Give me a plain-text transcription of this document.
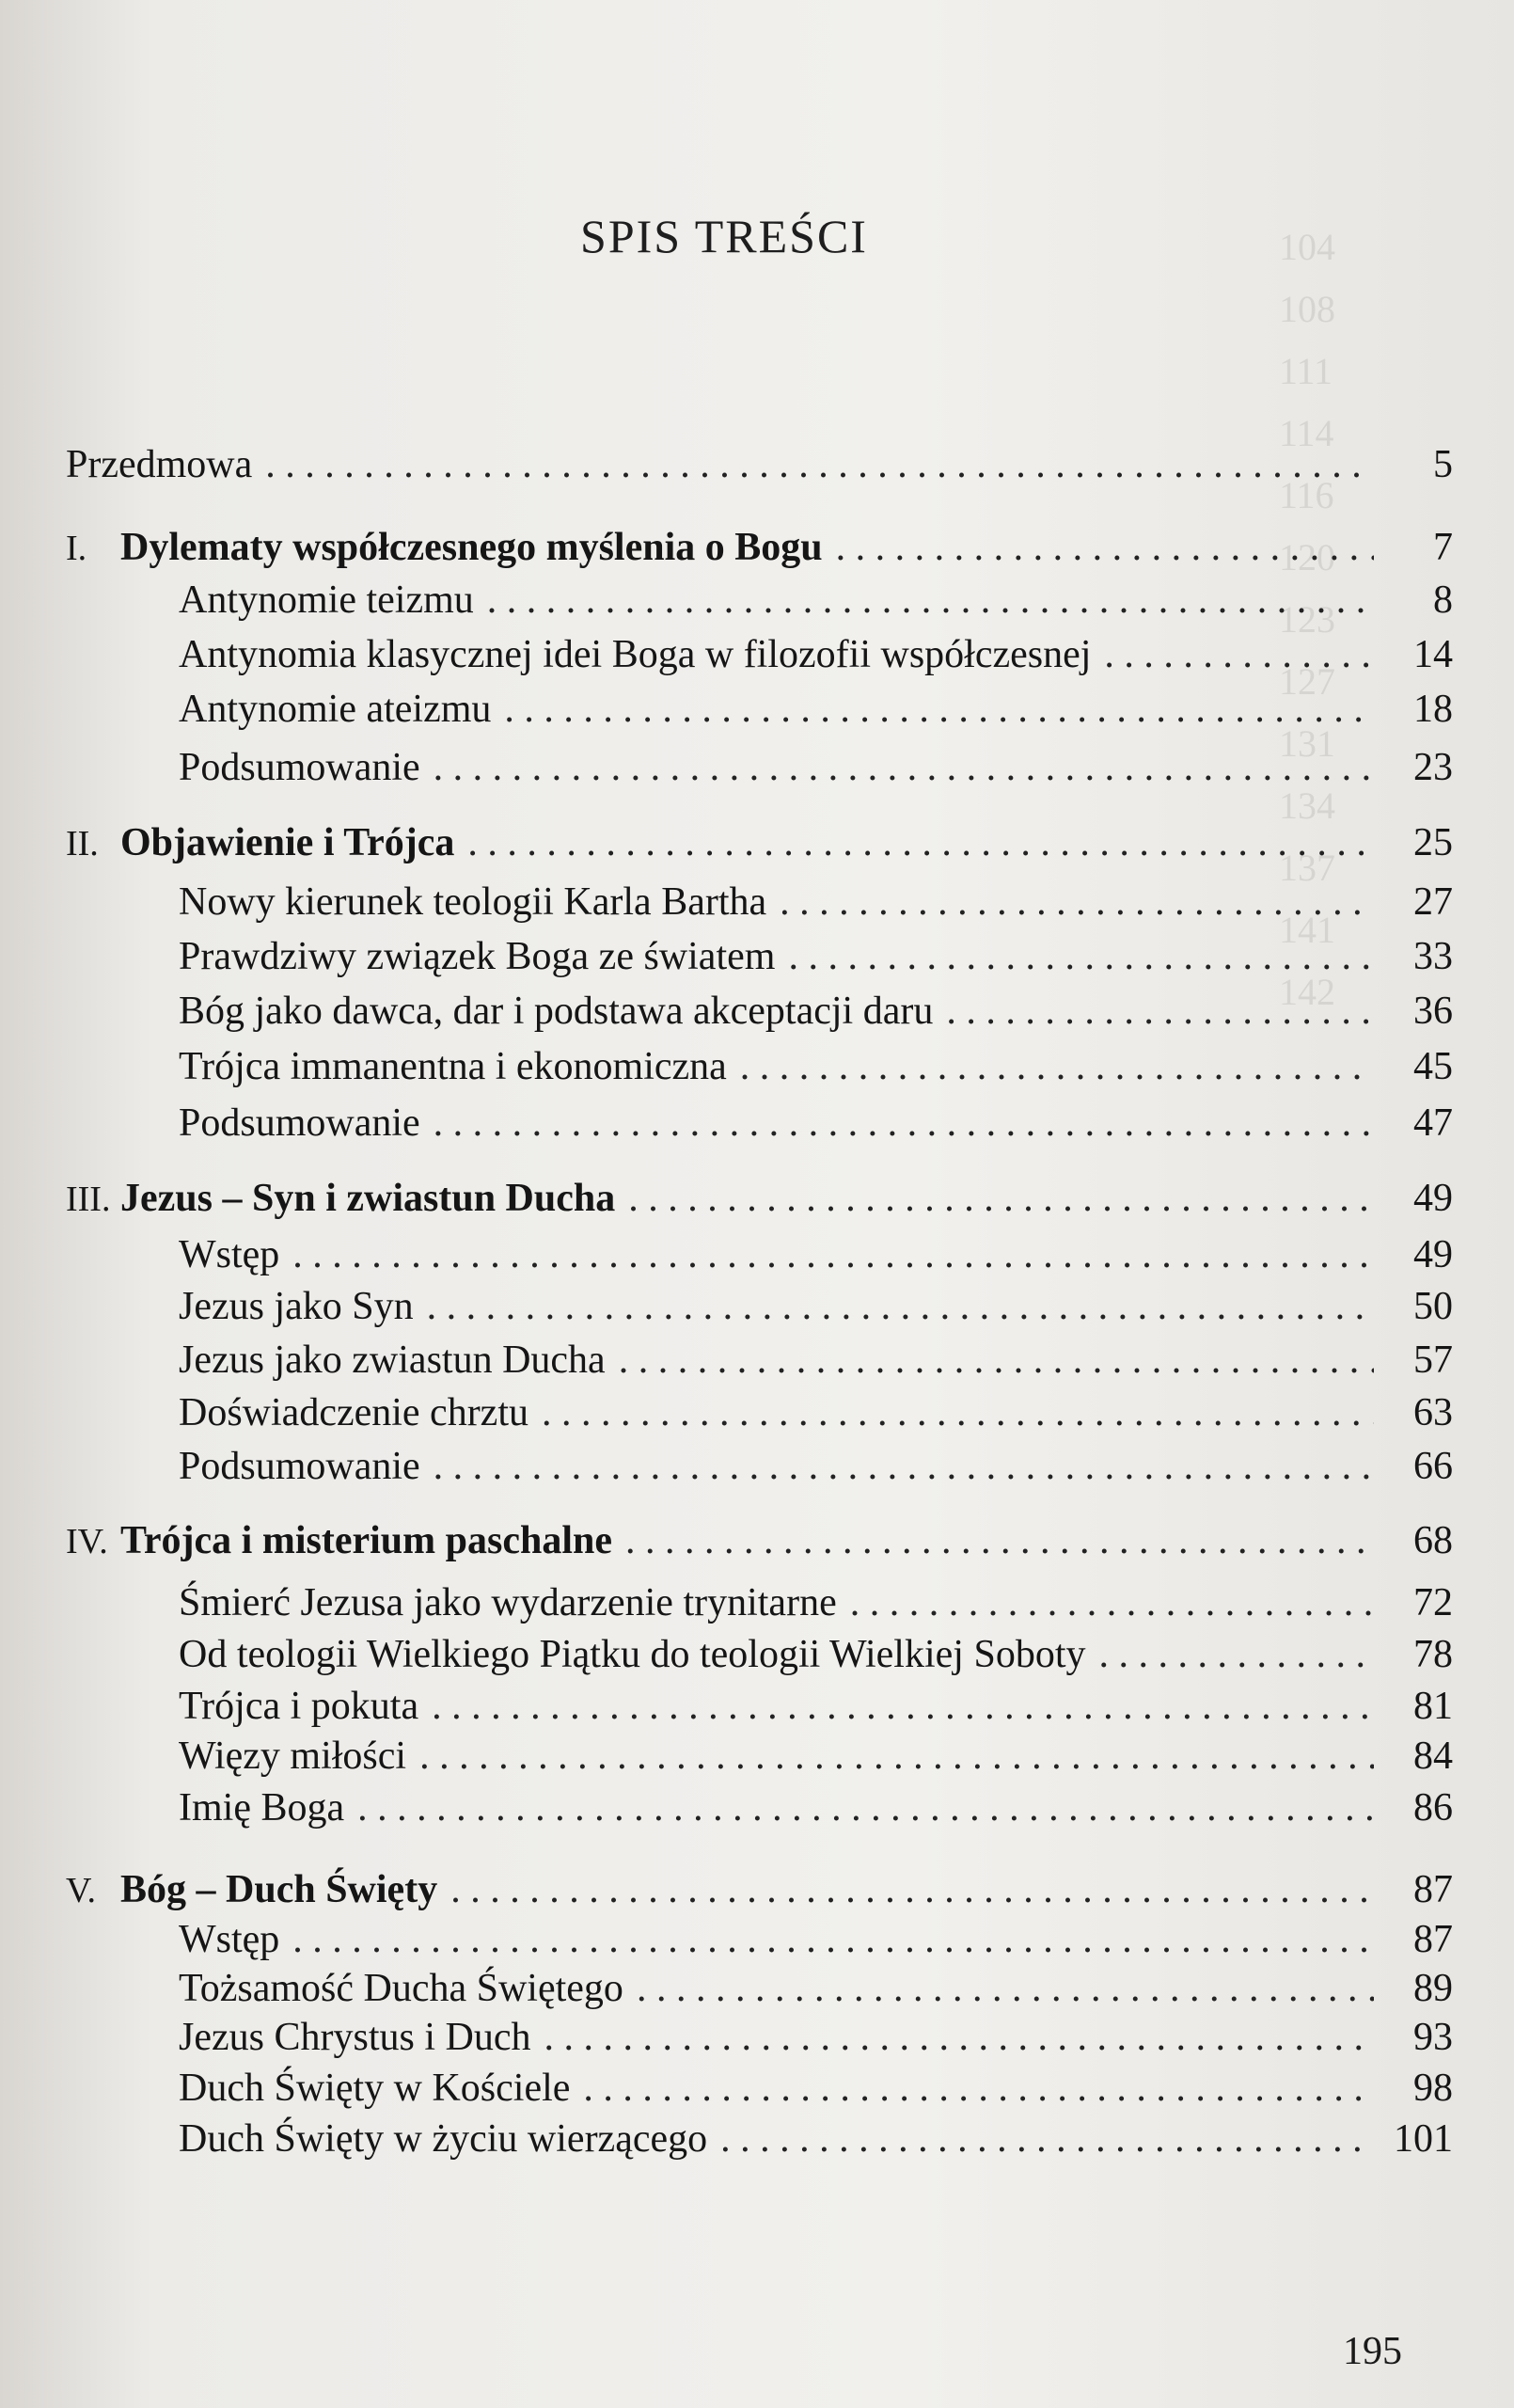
104
108
111
114
116
120
123
127
131
134
137
141
142
SPIS TREŚCI
Przedmowa . . .	5
I. Dylematy współczesnego myślenia o Bogu . . .	7
Antynomie teizmu . . .	8
Antynomia klasycznej idei Boga w filozofii współczesnej . . .	14
Antynomie ateizmu . . .	18
Podsumowanie . . .	23
II. Objawienie i Trójca . . .	25
Nowy kierunek teologii Karla Bartha . . .	27
Prawdziwy związek Boga ze światem . . .	33
Bóg jako dawca, dar i podstawa akceptacji daru . . .	36
Trójca immanentna i ekonomiczna . . .	45
Podsumowanie . . .	47
III. Jezus – Syn i zwiastun Ducha . . .	49
Wstęp . . .	49
Jezus jako Syn . . .	50
Jezus jako zwiastun Ducha . . .	57
Doświadczenie chrztu . . .	63
Podsumowanie . . .	66
IV. Trójca i misterium paschalne . . .	68
Śmierć Jezusa jako wydarzenie trynitarne . . .	72
Od teologii Wielkiego Piątku do teologii Wielkiej Soboty . . .	78
Trójca i pokuta . . .	81
Więzy miłości . . .	84
Imię Boga . . .	86
V. Bóg – Duch Święty . . .	87
Wstęp . . .	87
Tożsamość Ducha Świętego . . .	89
Jezus Chrystus i Duch . . .	93
Duch Święty w Kościele . . .	98
Duch Święty w życiu wierzącego . . .	101
195
